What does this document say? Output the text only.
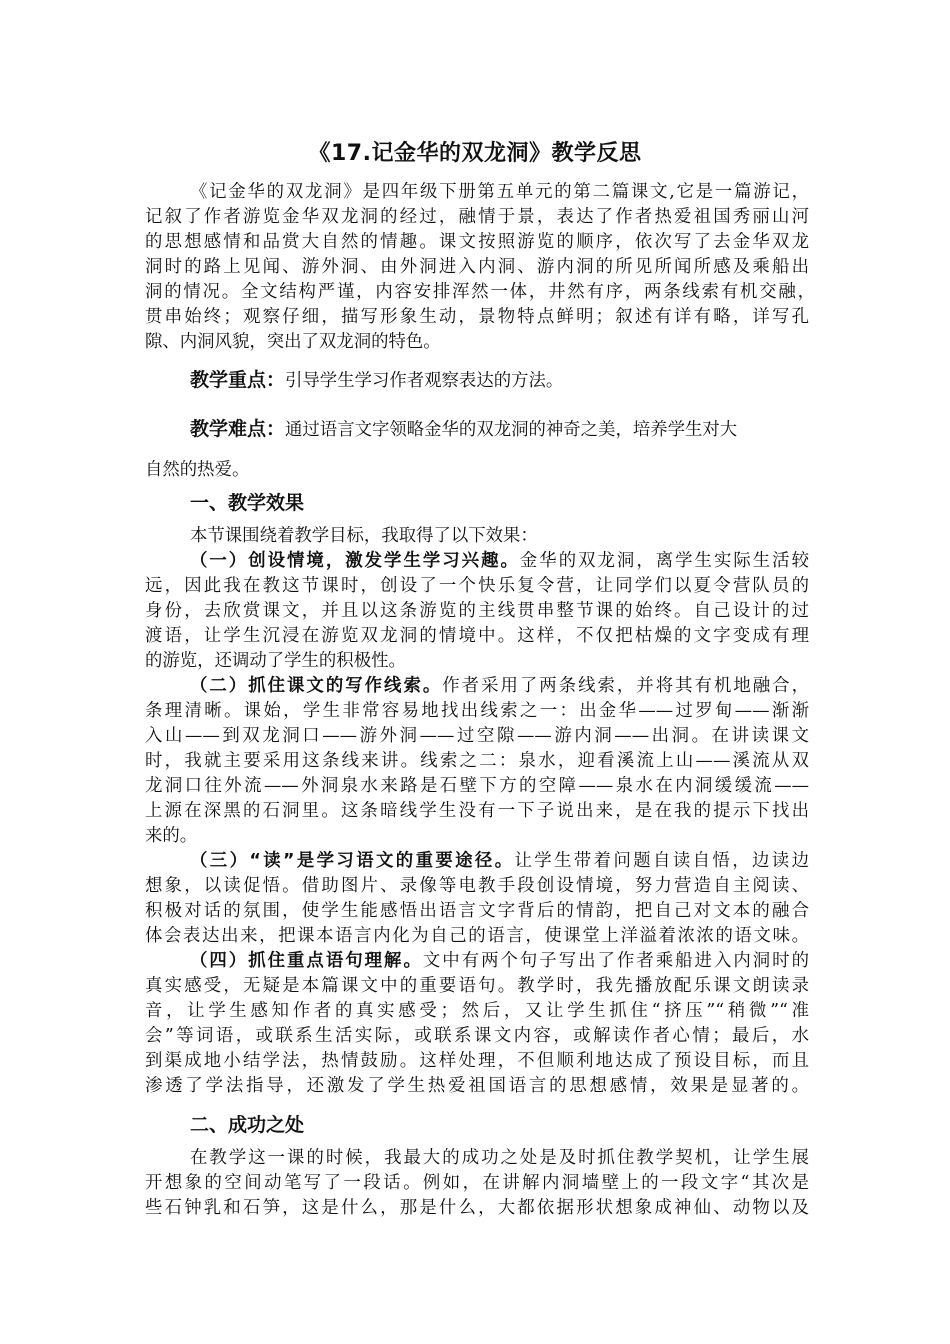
《17.记金华的双龙洞》教学反思
《记金华的双龙洞》是四年级下册第五单元的第二篇课文,它是一篇游记，
记叙了作者游览金华双龙洞的经过，融情于景，表达了作者热爱祖国秀丽山河
的思想感情和品赏大自然的情趣。课文按照游览的顺序，依次写了去金华双龙
洞时的路上见闻、游外洞、由外洞进入内洞、游内洞的所见所闻所感及乘船出
洞的情况。全文结构严谨，内容安排浑然一体，井然有序，两条线索有机交融，
贯串始终；观察仔细，描写形象生动，景物特点鲜明；叙述有详有略，详写孔
隙、内洞风貌，突出了双龙洞的特色。
教学重点：引导学生学习作者观察表达的方法。
教学难点：通过语言文字领略金华的双龙洞的神奇之美，培养学生对大
自然的热爱。
一、教学效果
本节课围绕着教学目标，我取得了以下效果：
（一）创设情境，激发学生学习兴趣。金华的双龙洞，离学生实际生活较
远，因此我在教这节课时，创设了一个快乐复令营，让同学们以夏令营队员的
身份，去欣赏课文，并且以这条游览的主线贯串整节课的始终。自己设计的过
渡语，让学生沉浸在游览双龙洞的情境中。这样，不仅把枯燥的文字变成有理
的游览，还调动了学生的积极性。
（二）抓住课文的写作线索。作者采用了两条线索，并将其有机地融合，
条理清晰。课始，学生非常容易地找出线索之一：出金华——过罗甸——渐渐
入山——到双龙洞口——游外洞——过空隙——游内洞——出洞。在讲读课文
时，我就主要采用这条线来讲。线索之二：泉水，迎看溪流上山——溪流从双
龙洞口往外流——外洞泉水来路是石壁下方的空障——泉水在内洞缓缓流——
上源在深黑的石洞里。这条暗线学生没有一下子说出来，是在我的提示下找出
来的。
（三）“读”是学习语文的重要途径。让学生带着问题自读自悟，边读边
想象，以读促悟。借助图片、录像等电教手段创设情境，努力营造自主阅读、
积极对话的氛围，使学生能感悟出语言文字背后的情韵，把自己对文本的融合
体会表达出来，把课本语言内化为自己的语言，使课堂上洋溢着浓浓的语文味。
（四）抓住重点语句理解。文中有两个句子写出了作者乘船进入内洞时的
真实感受，无疑是本篇课文中的重要语句。教学时，我先播放配乐课文朗读录
音，让学生感知作者的真实感受；然后，又让学生抓住“挤压”“稍微”“准
会”等词语，或联系生活实际，或联系课文内容，或解读作者心情；最后，水
到渠成地小结学法，热情鼓励。这样处理，不但顺利地达成了预设目标，而且
渗透了学法指导，还激发了学生热爱祖国语言的思想感情，效果是显著的。
二、成功之处
在教学这一课的时候，我最大的成功之处是及时抓住教学契机，让学生展
开想象的空间动笔写了一段话。例如，在讲解内洞墙壁上的一段文字“其次是
些石钟乳和石笋，这是什么，那是什么，大都依据形状想象成神仙、动物以及
